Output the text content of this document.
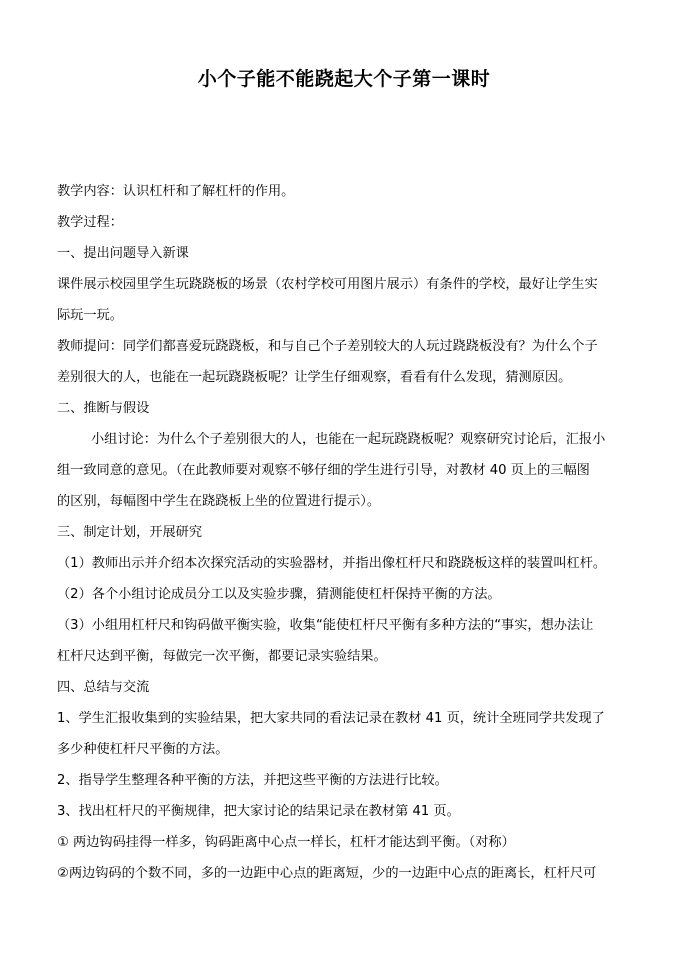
小个子能不能跷起大个子第一课时
教学内容：认识杠杆和了解杠杆的作用。
教学过程：
一、提出问题导入新课
课件展示校园里学生玩跷跷板的场景（农村学校可用图片展示）有条件的学校，最好让学生实
际玩一玩。
教师提问：同学们都喜爱玩跷跷板，和与自己个子差别较大的人玩过跷跷板没有？为什么个子
差别很大的人，也能在一起玩跷跷板呢？让学生仔细观察，看看有什么发现，猜测原因。
二、推断与假设
小组讨论：为什么个子差别很大的人，也能在一起玩跷跷板呢？观察研究讨论后，汇报小
组一致同意的意见。（在此教师要对观察不够仔细的学生进行引导，对教材 40 页上的三幅图
的区别，每幅图中学生在跷跷板上坐的位置进行提示）。
三、制定计划，开展研究
（1）教师出示并介绍本次探究活动的实验器材，并指出像杠杆尺和跷跷板这样的装置叫杠杆。
（2）各个小组讨论成员分工以及实验步骤，猜测能使杠杆保持平衡的方法。
（3）小组用杠杆尺和钩码做平衡实验，收集“能使杠杆尺平衡有多种方法的“事实，想办法让
杠杆尺达到平衡，每做完一次平衡，都要记录实验结果。
四、总结与交流
1、学生汇报收集到的实验结果，把大家共同的看法记录在教材 41 页，统计全班同学共发现了
多少种使杠杆尺平衡的方法。
2、指导学生整理各种平衡的方法，并把这些平衡的方法进行比较。
3、找出杠杆尺的平衡规律，把大家讨论的结果记录在教材第 41 页。
① 两边钩码挂得一样多，钩码距离中心点一样长，杠杆才能达到平衡。（对称）
②两边钩码的个数不同，多的一边距中心点的距离短，少的一边距中心点的距离长，杠杆尺可
